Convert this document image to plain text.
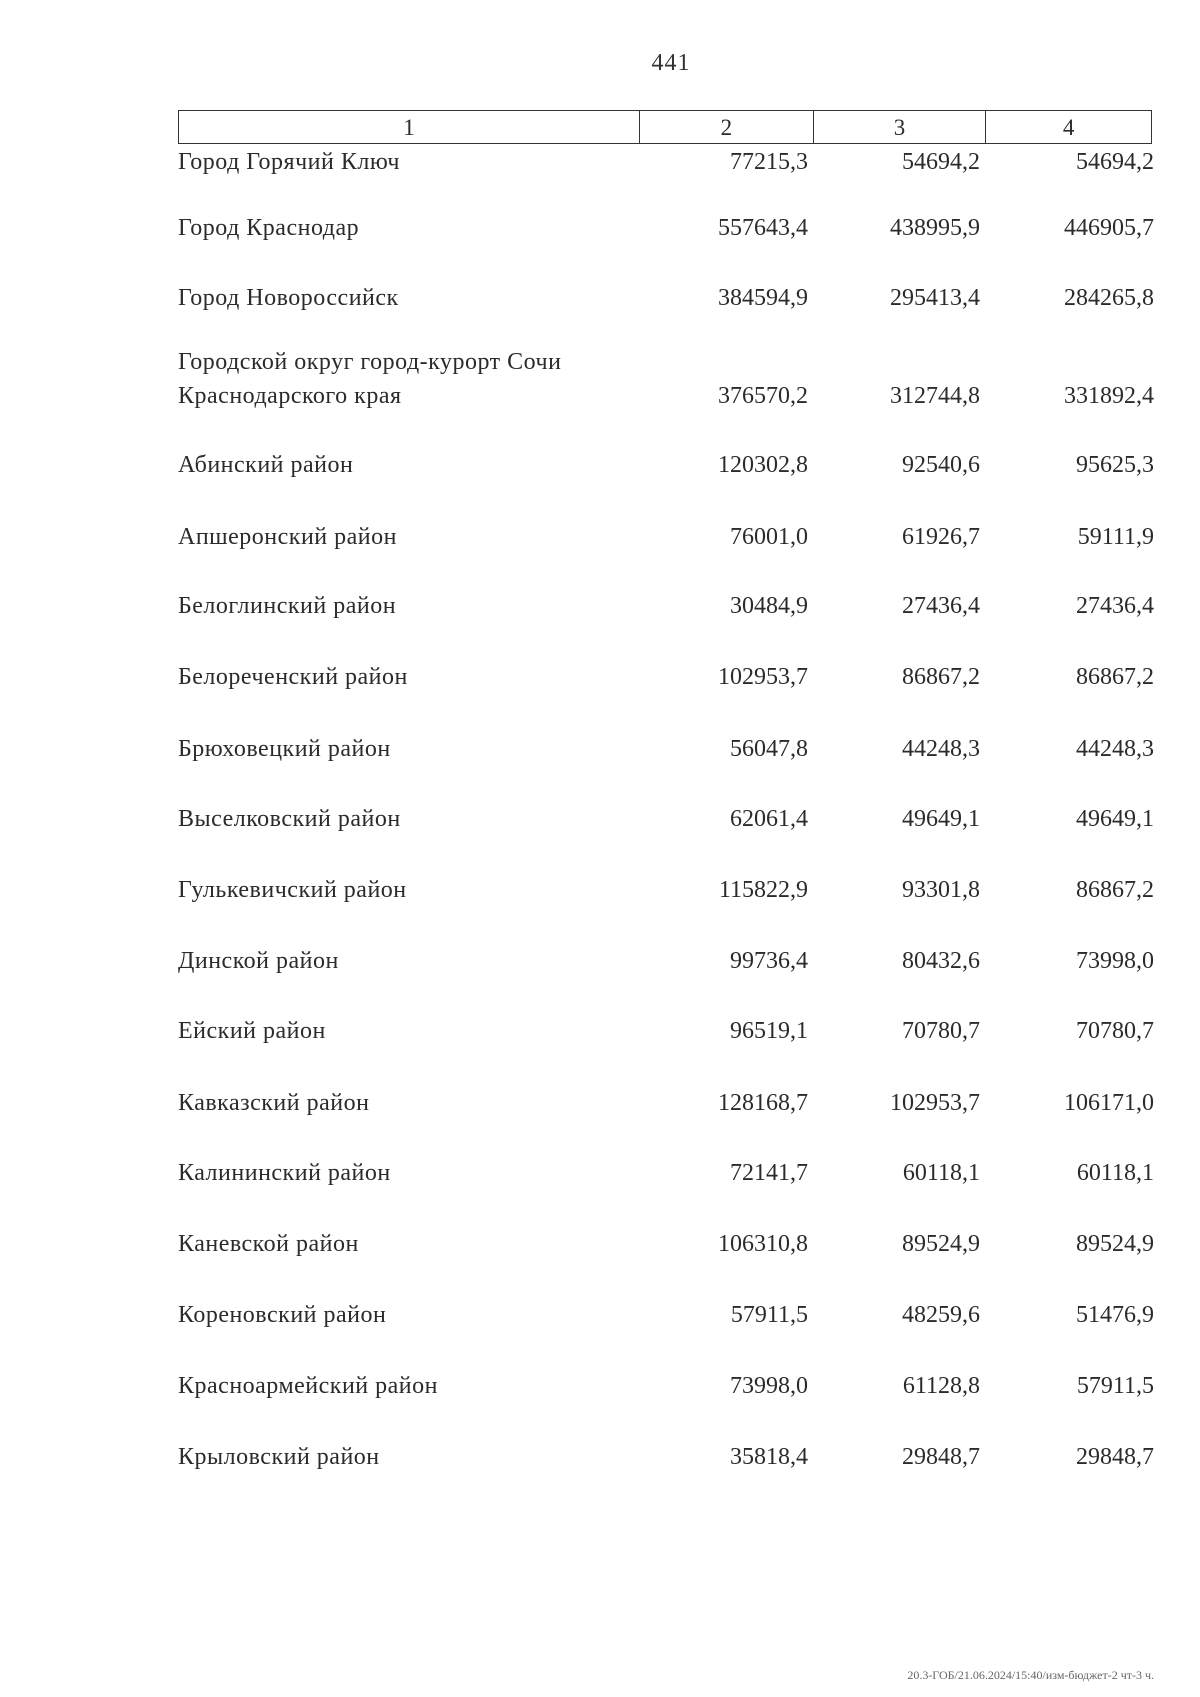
441
1	2	3	4
Город Горячий Ключ	77215,3	54694,2	54694,2
Город Краснодар	557643,4	438995,9	446905,7
Город Новороссийск	384594,9	295413,4	284265,8
Городской округ город-курорт Сочи
Краснодарского края	376570,2	312744,8	331892,4
Абинский район	120302,8	92540,6	95625,3
Апшеронский район	76001,0	61926,7	59111,9
Белоглинский район	30484,9	27436,4	27436,4
Белореченский район	102953,7	86867,2	86867,2
Брюховецкий район	56047,8	44248,3	44248,3
Выселковский район	62061,4	49649,1	49649,1
Гулькевичский район	115822,9	93301,8	86867,2
Динской район	99736,4	80432,6	73998,0
Ейский район	96519,1	70780,7	70780,7
Кавказский район	128168,7	102953,7	106171,0
Калининский район	72141,7	60118,1	60118,1
Каневской район	106310,8	89524,9	89524,9
Кореновский район	57911,5	48259,6	51476,9
Красноармейский район	73998,0	61128,8	57911,5
Крыловский район	35818,4	29848,7	29848,7
20.3-ГОБ/21.06.2024/15:40/изм-бюджет-2 чт-3 ч.
